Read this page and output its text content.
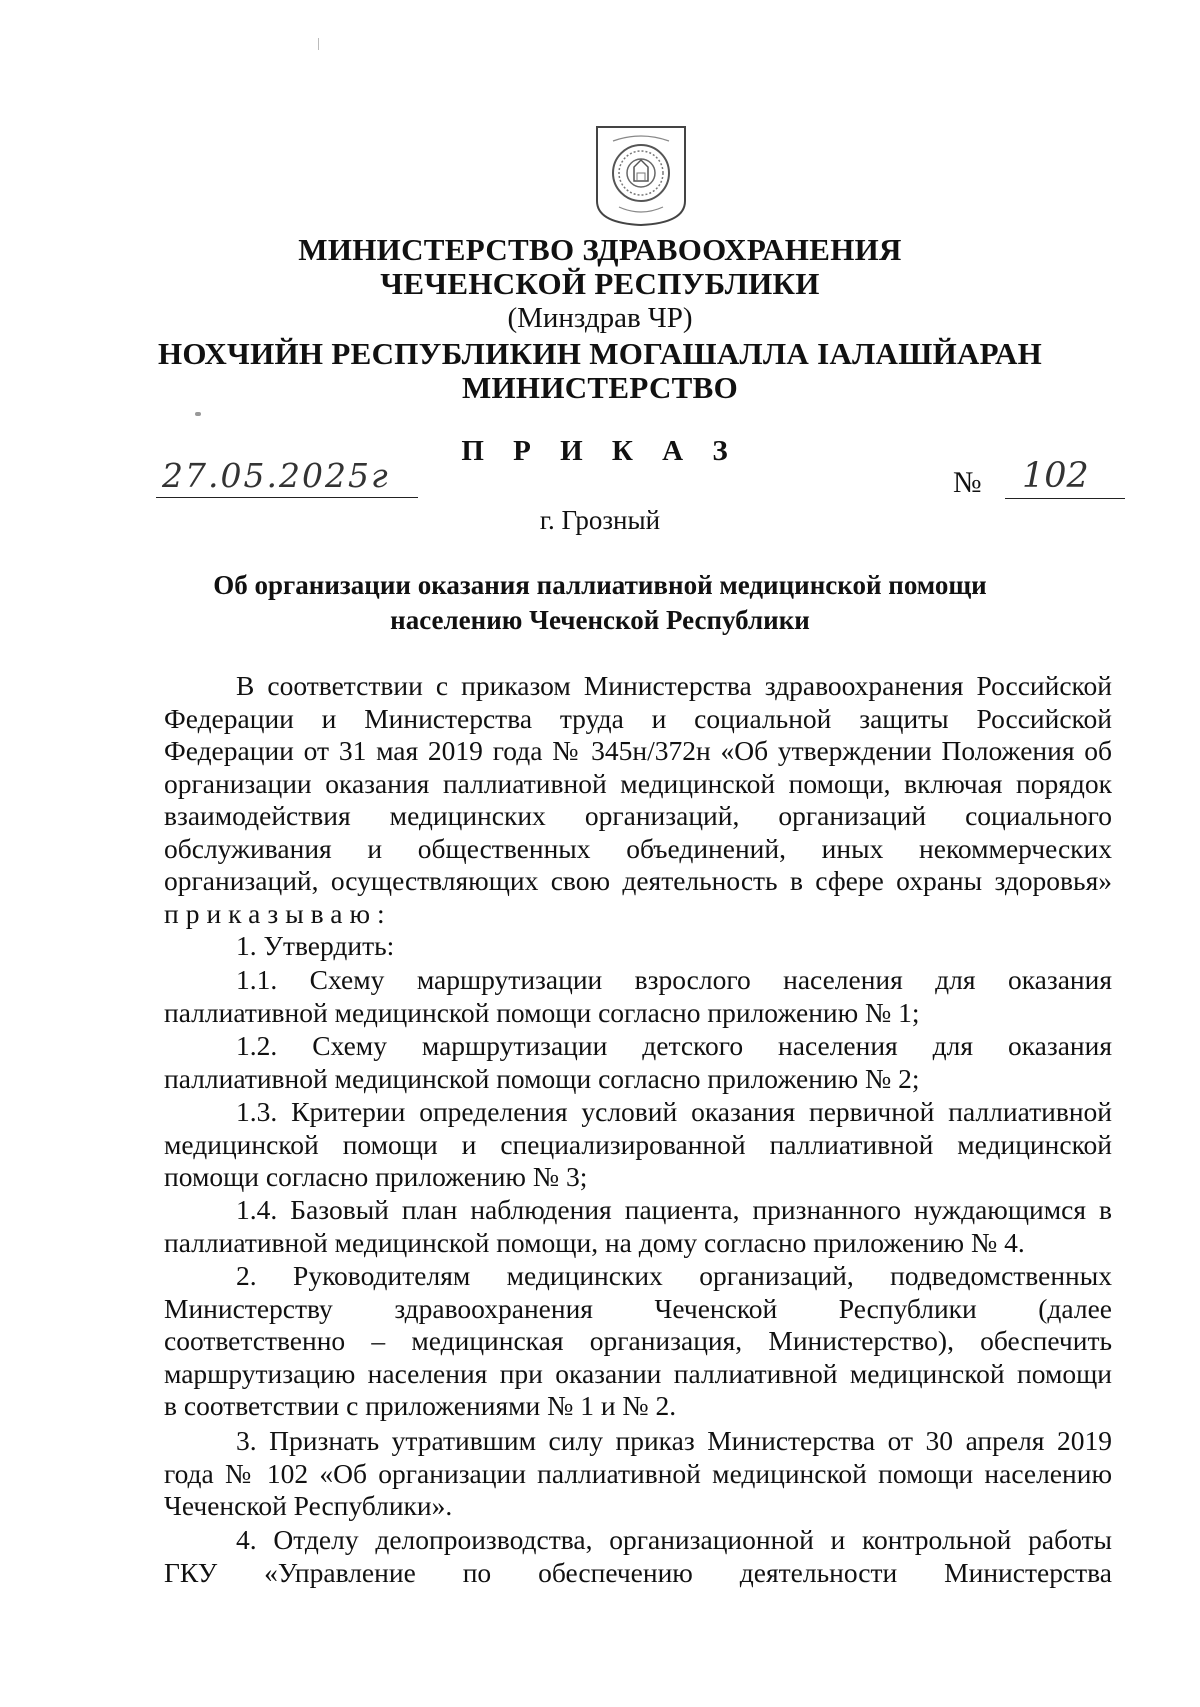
МИНИСТЕРСТВО ЗДРАВООХРАНЕНИЯ
ЧЕЧЕНСКОЙ РЕСПУБЛИКИ
(Минздрав ЧР)
НОХЧИЙН РЕСПУБЛИКИН МОГАШАЛЛА ІАЛАШЙАРАН
МИНИСТЕРСТВО
П Р И К А З
27.05.2025г	№ 102
г. Грозный
Об организации оказания паллиативной медицинской помощи
населению Чеченской Республики
В соответствии с приказом Министерства здравоохранения Российской
Федерации и Министерства труда и социальной защиты Российской
Федерации от 31 мая 2019 года № 345н/372н «Об утверждении Положения об
организации оказания паллиативной медицинской помощи, включая порядок
взаимодействия медицинских организаций, организаций социального
обслуживания и общественных объединений, иных некоммерческих
организаций, осуществляющих свою деятельность в сфере охраны здоровья»
приказываю:
1. Утвердить:
1.1. Схему маршрутизации взрослого населения для оказания
паллиативной медицинской помощи согласно приложению № 1;
1.2. Схему маршрутизации детского населения для оказания
паллиативной медицинской помощи согласно приложению № 2;
1.3. Критерии определения условий оказания первичной паллиативной
медицинской помощи и специализированной паллиативной медицинской
помощи согласно приложению № 3;
1.4. Базовый план наблюдения пациента, признанного нуждающимся в
паллиативной медицинской помощи, на дому согласно приложению № 4.
2. Руководителям медицинских организаций, подведомственных
Министерству здравоохранения Чеченской Республики (далее
соответственно – медицинская организация, Министерство), обеспечить
маршрутизацию населения при оказании паллиативной медицинской помощи
в соответствии с приложениями № 1 и № 2.
3. Признать утратившим силу приказ Министерства от 30 апреля 2019
года № 102 «Об организации паллиативной медицинской помощи населению
Чеченской Республики».
4. Отделу делопроизводства, организационной и контрольной работы
ГКУ «Управление по обеспечению деятельности Министерства
